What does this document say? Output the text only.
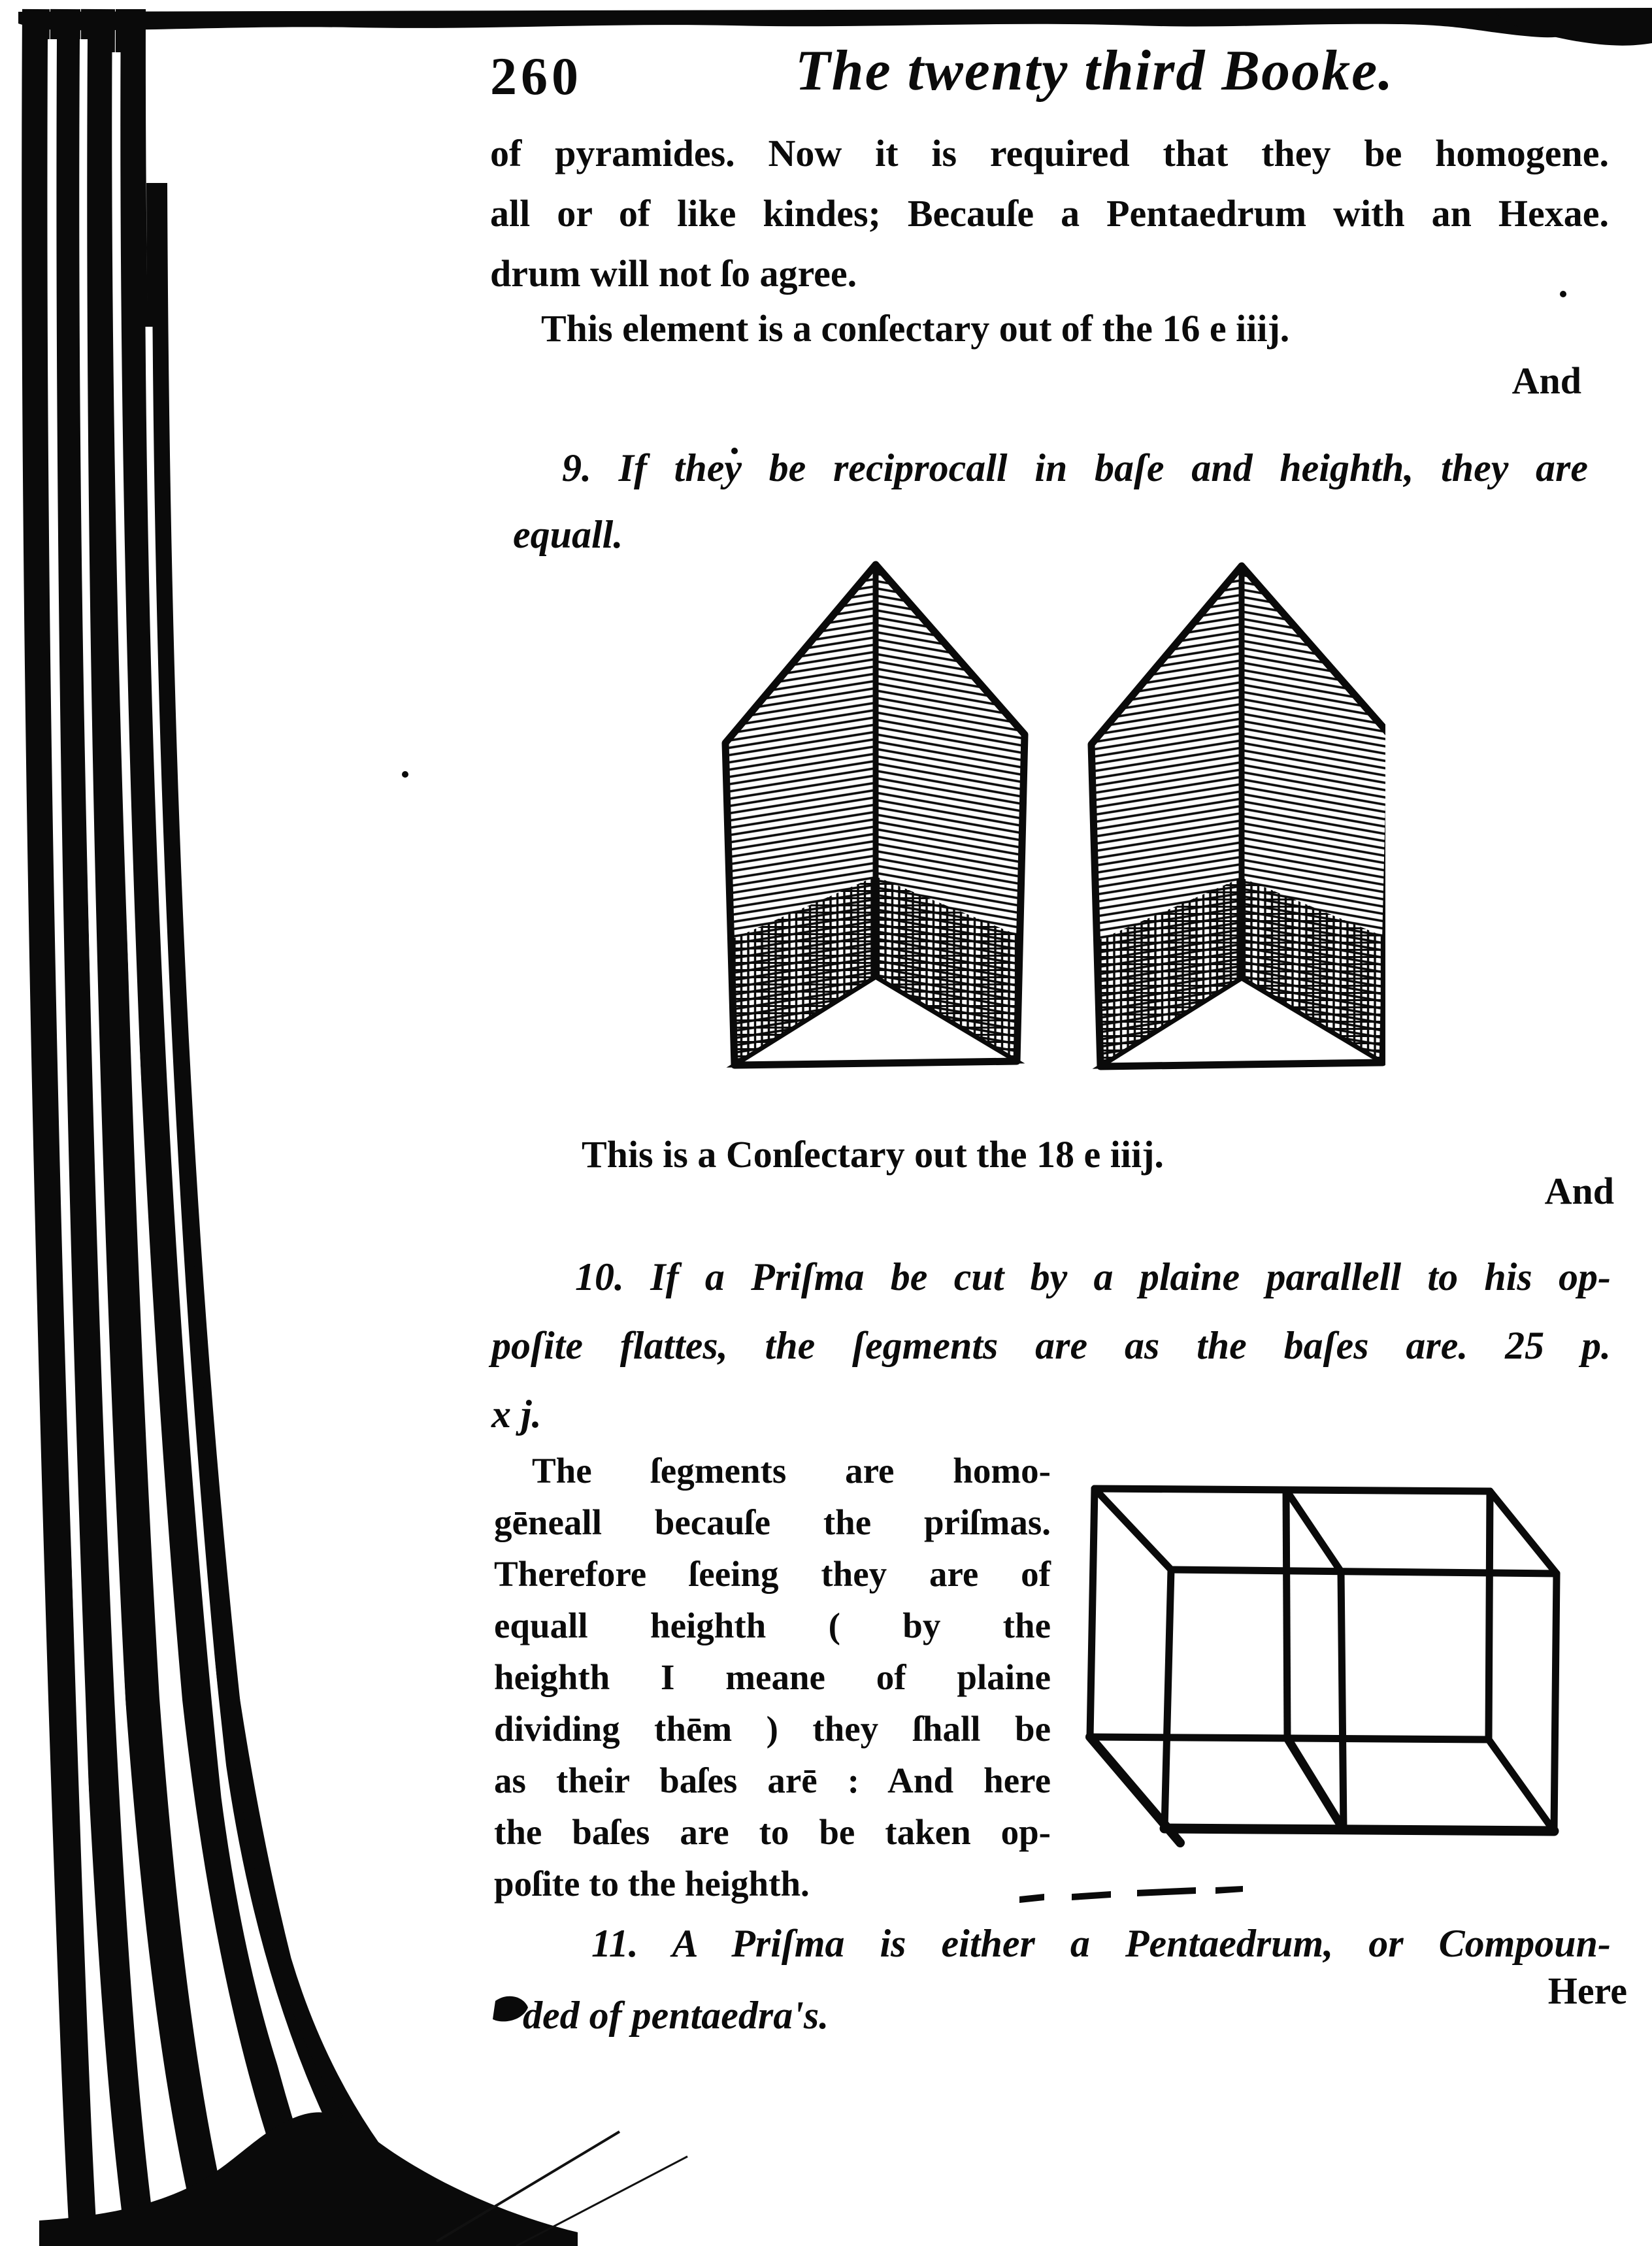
260	The twenty third Booke.
of pyramides. Now it is required that they be homogene.
all or of like kindes; Becauſe a Pentaedrum with an Hexae.
drum will not ſo agree.
This element is a conſectary out of the 16 e iiij.
And
9. If they be reciprocall in baſe and heighth, they are
equall.
This is a Conſectary out the 18 e iiij.
And
10. If a Priſma be cut by a plaine parallell to his op-
poſite flattes, the ſegments are as the baſes are. 25 p.
x j.
The ſegments are homo-
gēneall becauſe the priſmas.
Therefore ſeeing they are of
equall heighth ( by the
heighth I meane of plaine
dividing thēm ) they ſhall be
as their baſes arē : And here
the baſes are to be taken op-
poſite to the heighth.
11. A Priſma is either a Pentaedrum, or Compoun-
ded of pentaedra's.
Here
